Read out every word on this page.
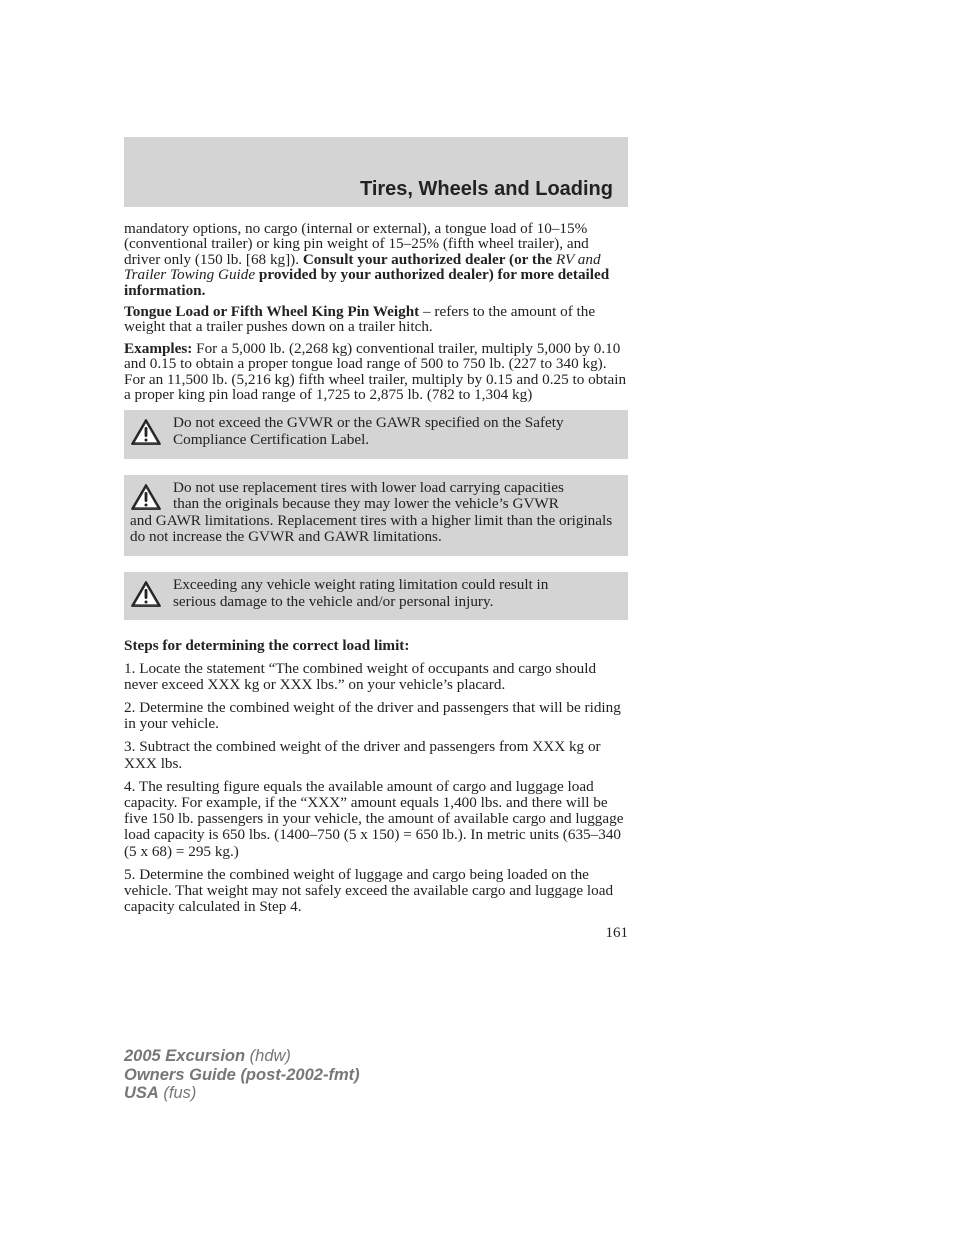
Tires, Wheels and Loading

mandatory options, no cargo (internal or external), a tongue load of 10–15% (conventional trailer) or king pin weight of 15–25% (fifth wheel trailer), and driver only (150 lb. [68 kg]). Consult your authorized dealer (or the RV and Trailer Towing Guide provided by your authorized dealer) for more detailed information.

Tongue Load or Fifth Wheel King Pin Weight – refers to the amount of the weight that a trailer pushes down on a trailer hitch.

Examples: For a 5,000 lb. (2,268 kg) conventional trailer, multiply 5,000 by 0.10 and 0.15 to obtain a proper tongue load range of 500 to 750 lb. (227 to 340 kg). For an 11,500 lb. (5,216 kg) fifth wheel trailer, multiply by 0.15 and 0.25 to obtain a proper king pin load range of 1,725 to 2,875 lb. (782 to 1,304 kg)

Do not exceed the GVWR or the GAWR specified on the Safety
Compliance Certification Label.
Do not use replacement tires with lower load carrying capacities
than the originals because they may lower the vehicle’s GVWR
and GAWR limitations. Replacement tires with a higher limit than the originals do not increase the GVWR and GAWR limitations.
Exceeding any vehicle weight rating limitation could result in
serious damage to the vehicle and/or personal injury.
Steps for determining the correct load limit:

1. Locate the statement “The combined weight of occupants and cargo should never exceed XXX kg or XXX lbs.” on your vehicle’s placard.

2. Determine the combined weight of the driver and passengers that will be riding in your vehicle.

3. Subtract the combined weight of the driver and passengers from XXX kg or XXX lbs.

4. The resulting figure equals the available amount of cargo and luggage load capacity. For example, if the “XXX” amount equals 1,400 lbs. and there will be five 150 lb. passengers in your vehicle, the amount of available cargo and luggage load capacity is 650 lbs. (1400–750 (5 x 150) = 650 lb.). In metric units (635–340 (5 x 68) = 295 kg.)

5. Determine the combined weight of luggage and cargo being loaded on the vehicle. That weight may not safely exceed the available cargo and luggage load capacity calculated in Step 4.

161
2005 Excursion (hdw)
Owners Guide (post-2002-fmt)
USA (fus)
